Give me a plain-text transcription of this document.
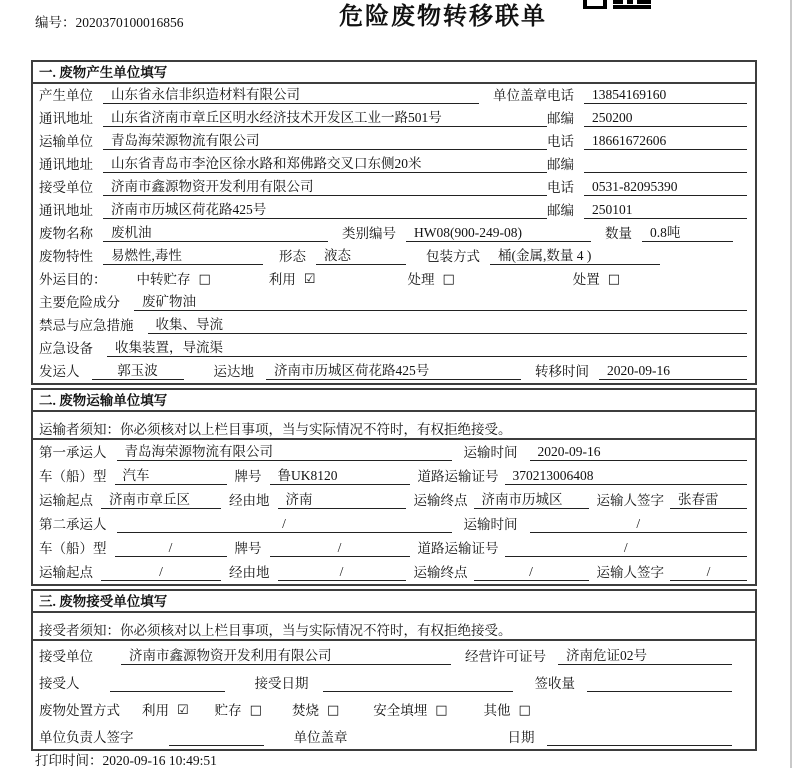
编号：2020370100016856	危险废物转移联单
一. 废物产生单位填写
产生单位	山东省永信非织造材料有限公司	单位盖章 电话	13854169160
通讯地址	山东省济南市章丘区明水经济技术开发区工业一路501号	邮编	250200
运输单位	青岛海荣源物流有限公司	电话	18661672606
通讯地址	山东省青岛市李沧区徐水路和郑佛路交叉口东侧20米	邮编
接受单位	济南市鑫源物资开发利用有限公司	电话	0531-82095390
通讯地址	济南市历城区荷花路425号	邮编	250101
废物名称	废机油	类别编号	HW08(900-249-08)	数量	0.8吨
废物特性	易燃性,毒性	形态	液态	包装方式	桶(金属,数量 4 )
外运目的： 中转贮存 □	利用 ☑	处理 □	处置 □
主要危险成分	废矿物油
禁忌与应急措施	收集、导流
应急设备	收集装置，导流渠
发运人	郭玉波	运达地	济南市历城区荷花路425号	转移时间	2020-09-16
二. 废物运输单位填写
运输者须知：你必须核对以上栏目事项，当与实际情况不符时，有权拒绝接受。
第一承运人	青岛海荣源物流有限公司	运输时间	2020-09-16
车（船）型	汽车	牌号	鲁UK8120	道路运输证号	370213006408
运输起点	济南市章丘区	经由地	济南	运输终点	济南市历城区	运输人签字	张春雷
第二承运人	/	运输时间	/
车（船）型	/	牌号	/	道路运输证号	/
运输起点	/	经由地	/	运输终点	/	运输人签字	/
三. 废物接受单位填写
接受者须知：你必须核对以上栏目事项，当与实际情况不符时，有权拒绝接受。
接受单位	济南市鑫源物资开发利用有限公司	经营许可证号	济南危证02号
接受人	接受日期	签收量
废物处置方式 利用 ☑ 贮存 □ 焚烧 □	安全填埋 □	其他 □
单位负责人签字	单位盖章	日期
打印时间：2020-09-16 10:49:51
